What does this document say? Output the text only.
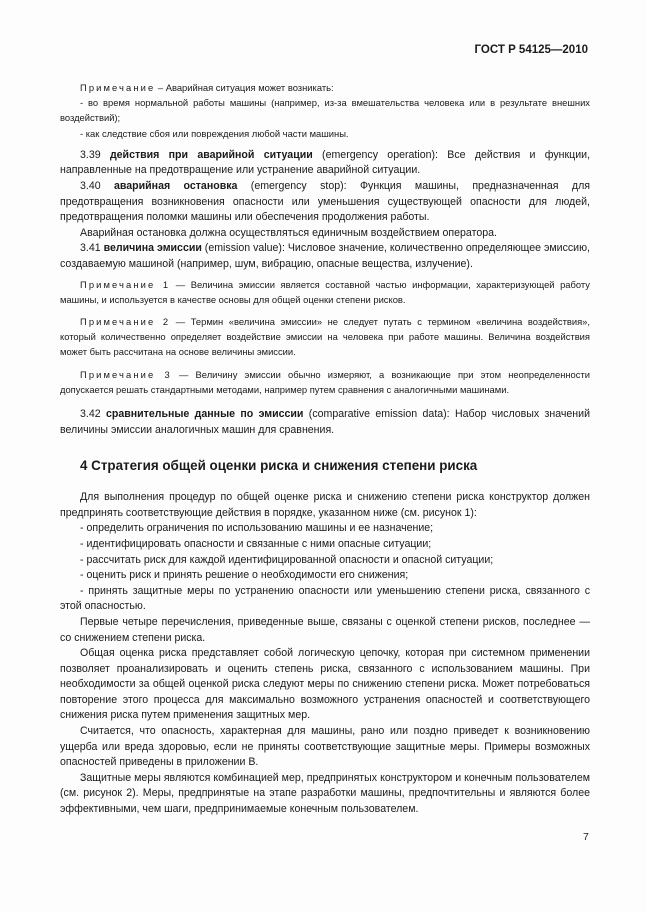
ГОСТ Р 54125—2010

Примечание – Аварийная ситуация может возникать:

- во время нормальной работы машины (например, из-за вмешательства человека или в результате внешних воздействий);

- как следствие сбоя или повреждения любой части машины.

3.39 действия при аварийной ситуации (emergency operation): Все действия и функции, направленные на предотвращение или устранение аварийной ситуации.

3.40 аварийная остановка (emergency stop): Функция машины, предназначенная для предотвращения возникновения опасности или уменьшения существующей опасности для людей, предотвращения поломки машины или обеспечения продолжения работы.

Аварийная остановка должна осуществляться единичным воздействием оператора.

3.41 величина эмиссии (emission value): Числовое значение, количественно определяющее эмиссию, создаваемую машиной (например, шум, вибрацию, опасные вещества, излучение).

Примечание 1 — Величина эмиссии является составной частью информации, характеризующей работу машины, и используется в качестве основы для общей оценки степени рисков.

Примечание 2 — Термин «величина эмиссии» не следует путать с термином «величина воздействия», который количественно определяет воздействие эмиссии на человека при работе машины. Величина воздействия может быть рассчитана на основе величины эмиссии.

Примечание 3 — Величину эмиссии обычно измеряют, а возникающие при этом неопределенности допускается решать стандартными методами, например путем сравнения с аналогичными машинами.

3.42 сравнительные данные по эмиссии (comparative emission data): Набор числовых значений величины эмиссии аналогичных машин для сравнения.

4 Стратегия общей оценки риска и снижения степени риска

Для выполнения процедур по общей оценке риска и снижению степени риска конструктор должен предпринять соответствующие действия в порядке, указанном ниже (см. рисунок 1):

- определить ограничения по использованию машины и ее назначение;

- идентифицировать опасности и связанные с ними опасные ситуации;

- рассчитать риск для каждой идентифицированной опасности и опасной ситуации;

- оценить риск и принять решение о необходимости его снижения;

- принять защитные меры по устранению опасности или уменьшению степени риска, связанного с этой опасностью.

Первые четыре перечисления, приведенные выше, связаны с оценкой степени рисков, последнее — со снижением степени риска.

Общая оценка риска представляет собой логическую цепочку, которая при системном применении позволяет проанализировать и оценить степень риска, связанного с использованием машины. При необходимости за общей оценкой риска следуют меры по снижению степени риска. Может потребоваться повторение этого процесса для максимально возможного устранения опасностей и соответствующего снижения риска путем применения защитных мер.

Считается, что опасность, характерная для машины, рано или поздно приведет к возникновению ущерба или вреда здоровью, если не приняты соответствующие защитные меры. Примеры возможных опасностей приведены в приложении В.

Защитные меры являются комбинацией мер, предпринятых конструктором и конечным пользователем (см. рисунок 2). Меры, предпринятые на этапе разработки машины, предпочтительны и являются более эффективными, чем шаги, предпринимаемые конечным пользователем.

7
